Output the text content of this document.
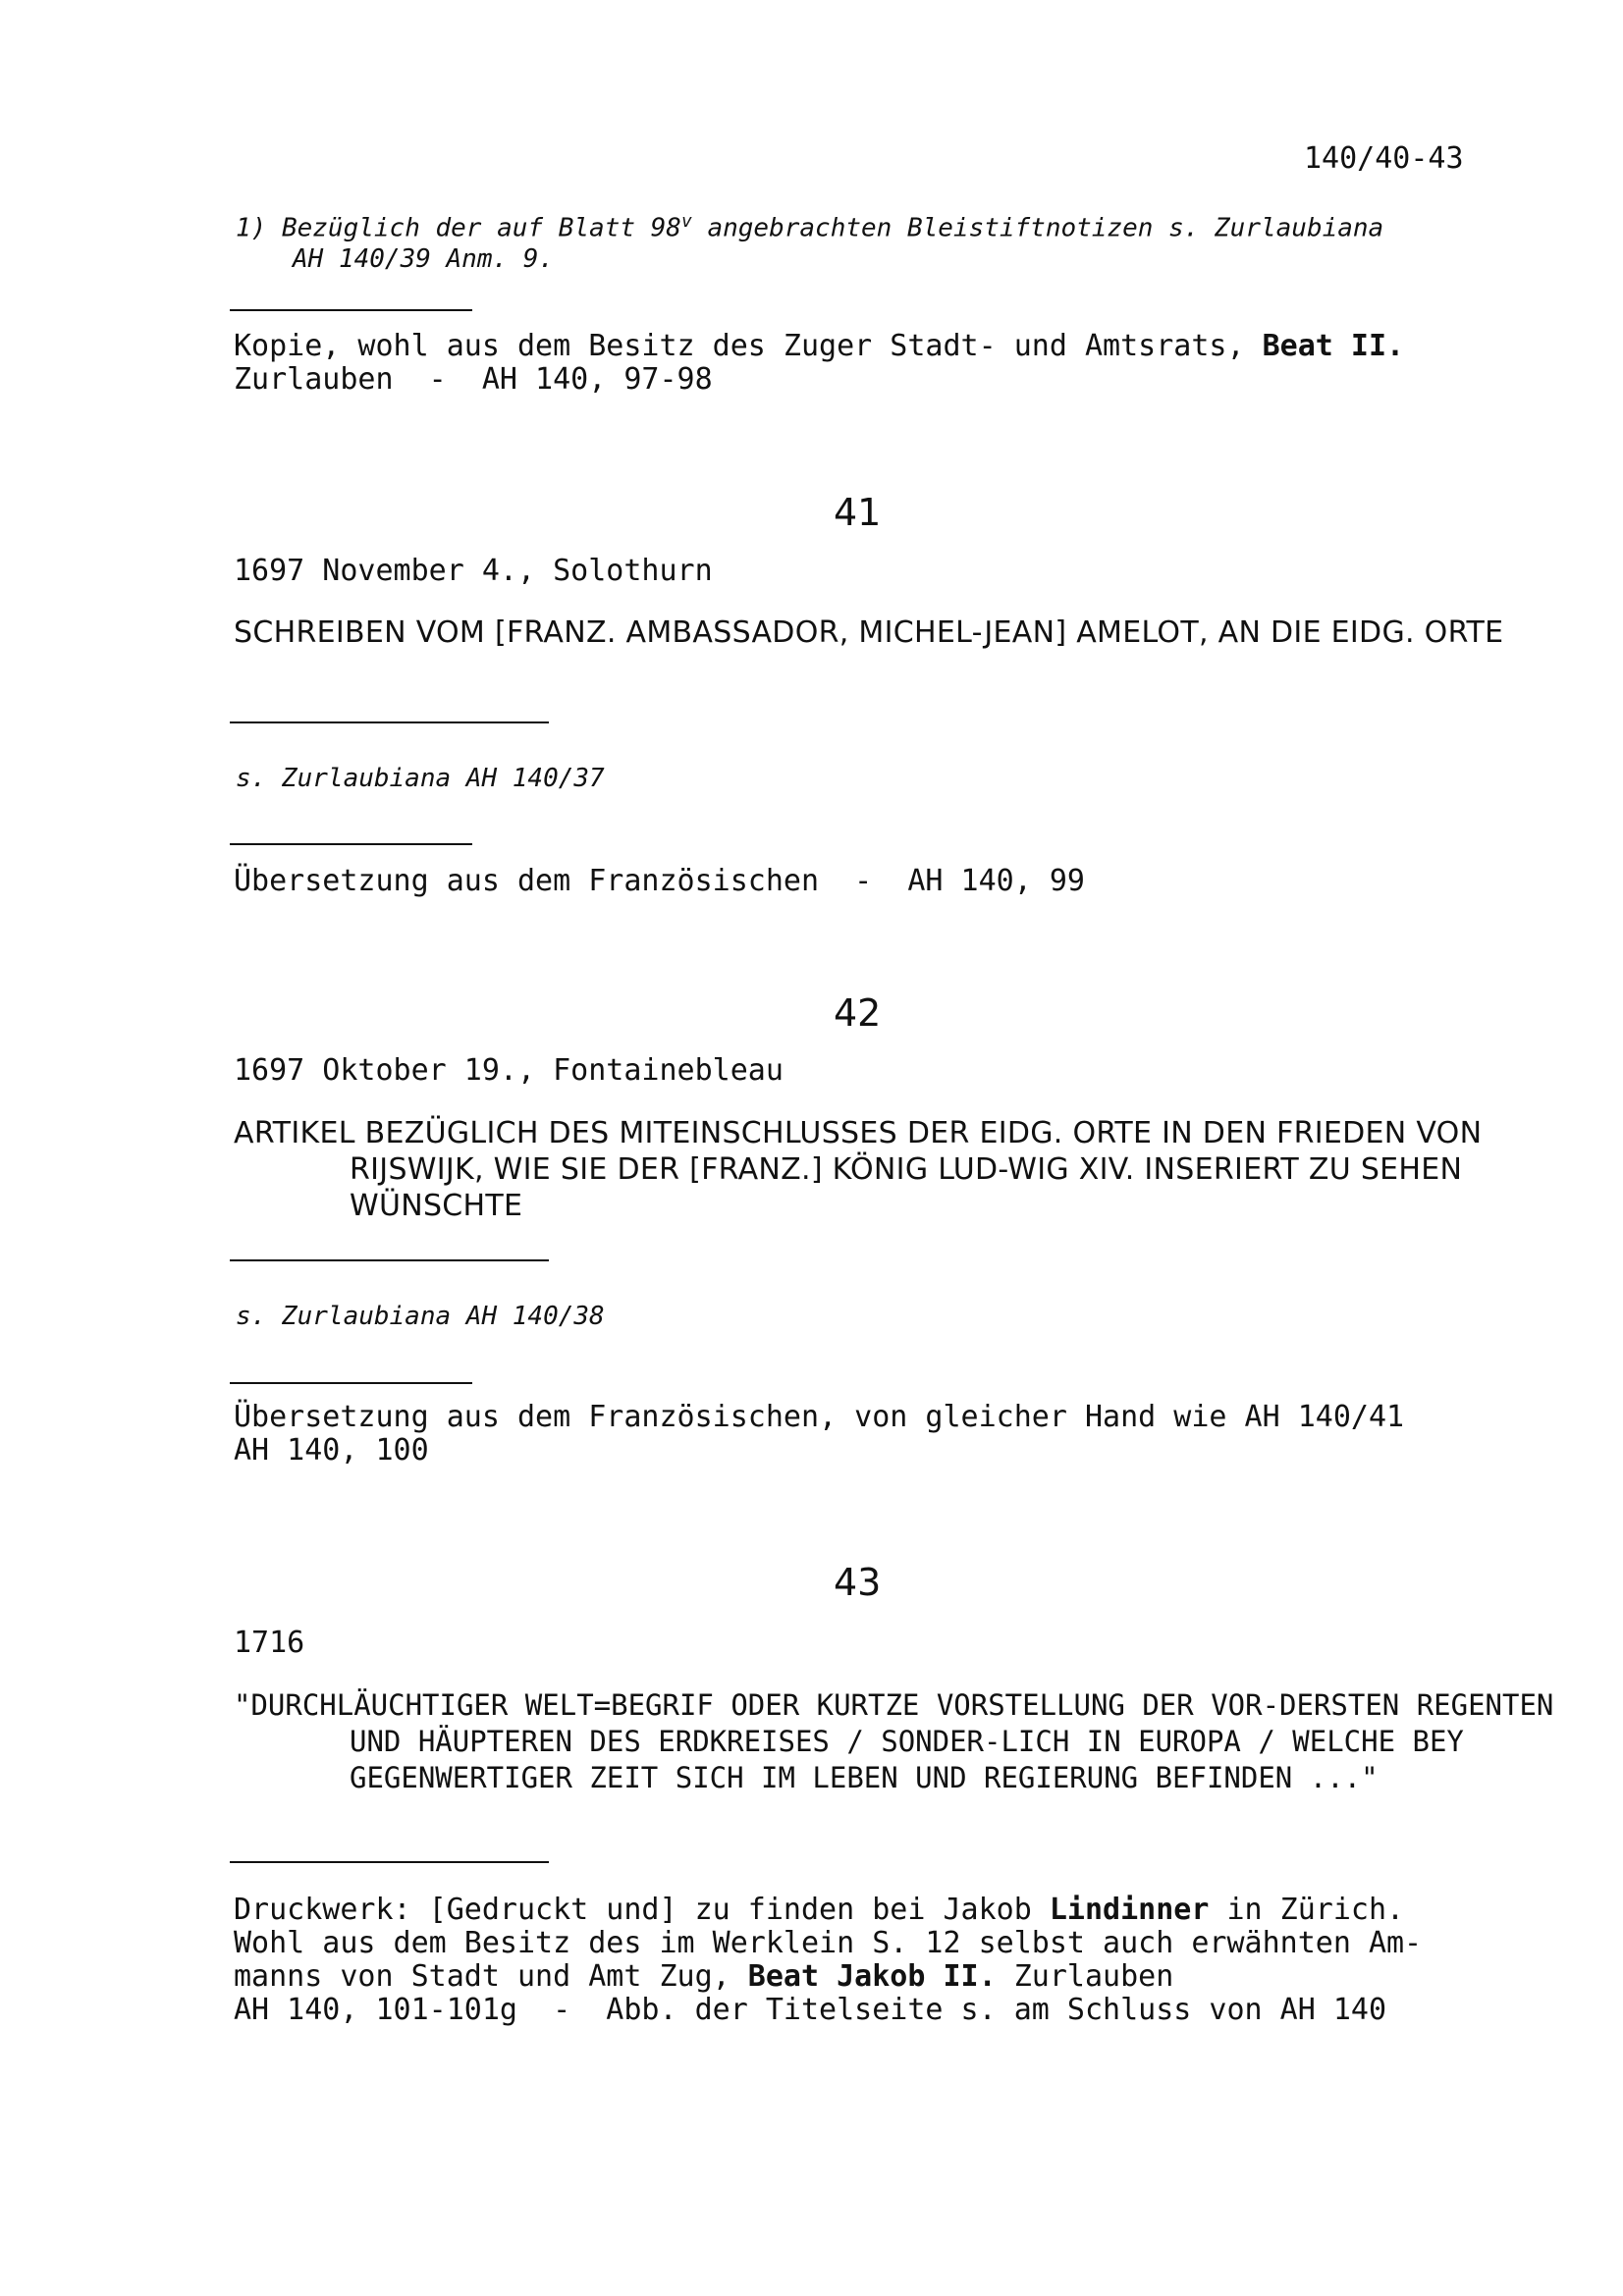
140/40-43
1) Bezüglich der auf Blatt 98$^v$ angebrachten Bleistiftnotizen s. Zurlaubiana
AH 140/39 Anm. 9.
Kopie, wohl aus dem Besitz des Zuger Stadt- und Amtsrats, Beat II.
Zurlauben  -  AH 140, 97-98
41
1697 November 4., Solothurn
SCHREIBEN VOM [FRANZ. AMBASSADOR, MICHEL-JEAN] AMELOT, AN DIE EIDG. ORTE
s. Zurlaubiana AH 140/37
Übersetzung aus dem Französischen  -  AH 140, 99
42
1697 Oktober 19., Fontainebleau
ARTIKEL BEZÜGLICH DES MITEINSCHLUSSES DER EIDG. ORTE IN DEN FRIEDEN VON RIJSWIJK, WIE SIE DER [FRANZ.] KÖNIG LUD-WIG XIV. INSERIERT ZU SEHEN WÜNSCHTE
s. Zurlaubiana AH 140/38
Übersetzung aus dem Französischen, von gleicher Hand wie AH 140/41
AH 140, 100
43
1716
"DURCHLÄUCHTIGER WELT=BEGRIF ODER KURTZE VORSTELLUNG DER VOR-DERSTEN REGENTEN UND HÄUPTEREN DES ERDKREISES / SONDER-LICH IN EUROPA / WELCHE BEY GEGENWERTIGER ZEIT SICH IM LEBEN UND REGIERUNG BEFINDEN ..."
Druckwerk: [Gedruckt und] zu finden bei Jakob Lindinner in Zürich.
Wohl aus dem Besitz des im Werklein S. 12 selbst auch erwähnten Am-
manns von Stadt und Amt Zug, Beat Jakob II. Zurlauben
AH 140, 101-101g  -  Abb. der Titelseite s. am Schluss von AH 140
